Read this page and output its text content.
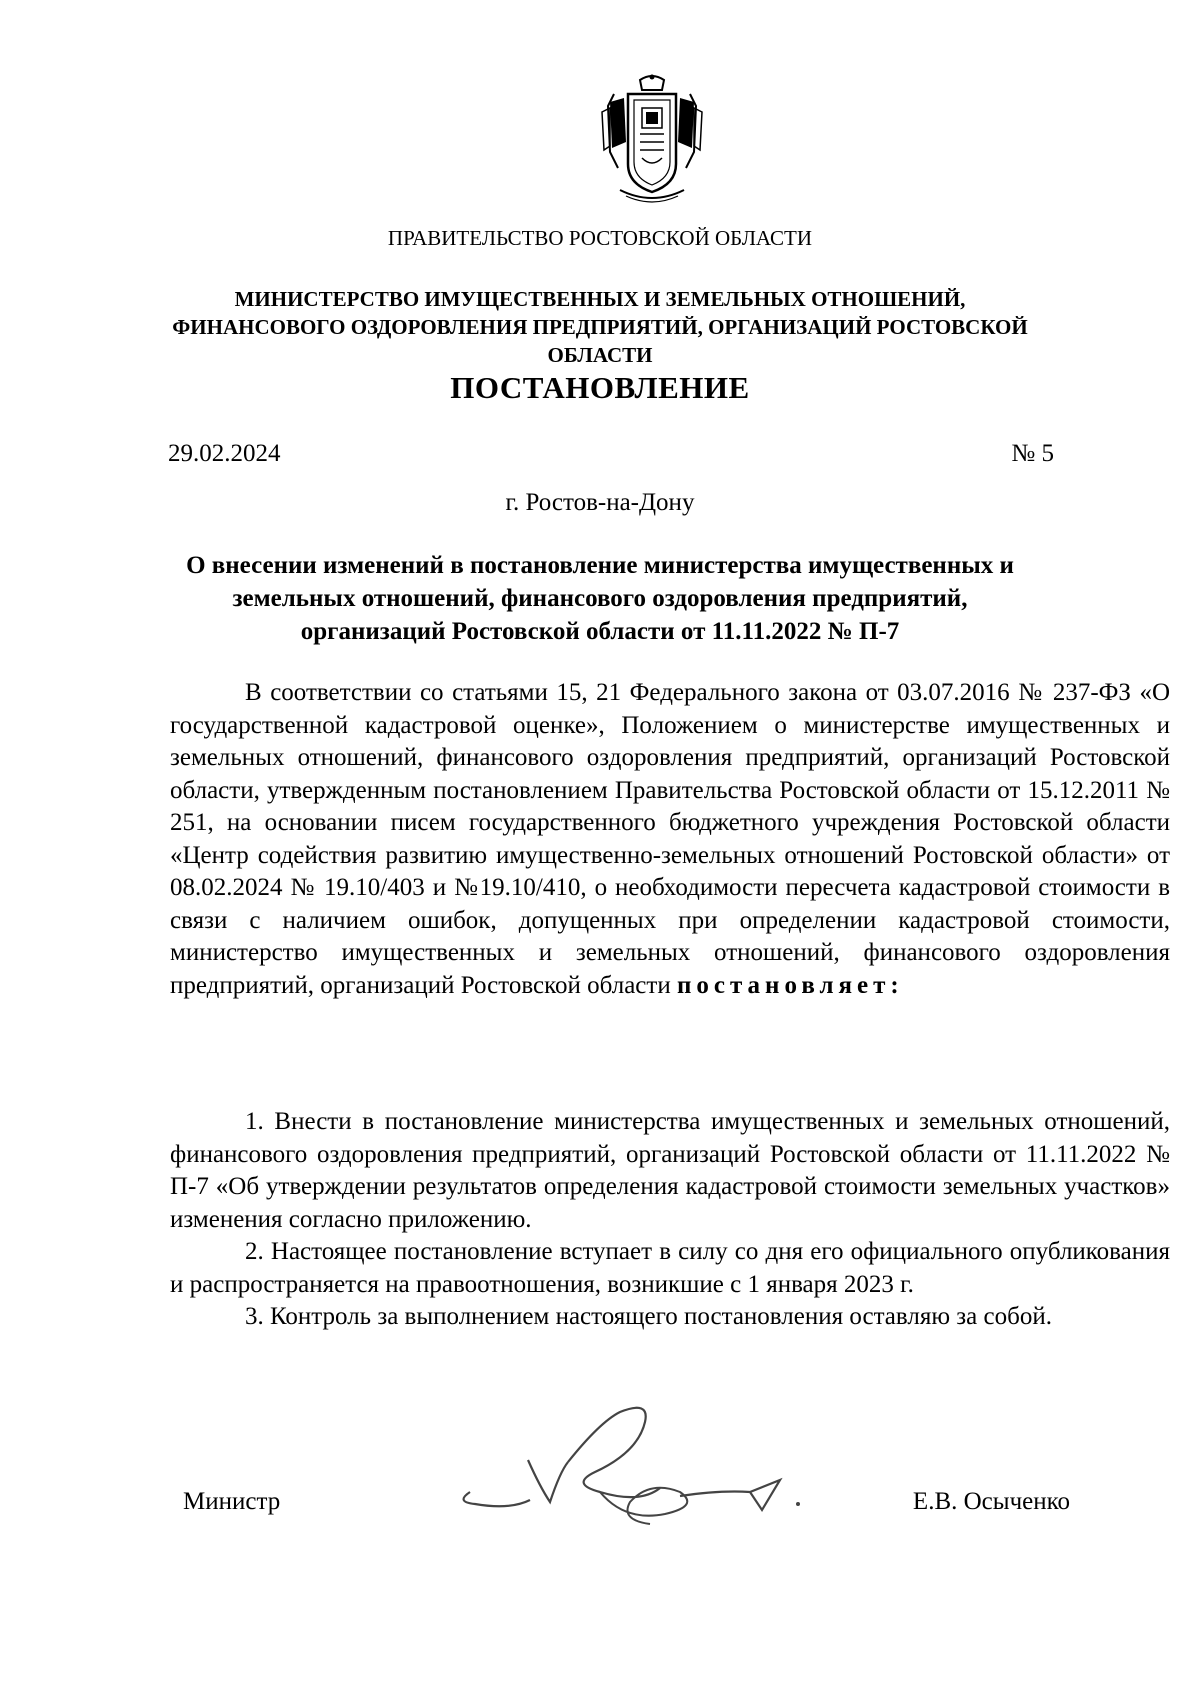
ПРАВИТЕЛЬСТВО РОСТОВСКОЙ ОБЛАСТИ
МИНИСТЕРСТВО ИМУЩЕСТВЕННЫХ И ЗЕМЕЛЬНЫХ ОТНОШЕНИЙ, ФИНАНСОВОГО ОЗДОРОВЛЕНИЯ ПРЕДПРИЯТИЙ, ОРГАНИЗАЦИЙ РОСТОВСКОЙ ОБЛАСТИ
ПОСТАНОВЛЕНИЕ
29.02.2024	№ 5
г. Ростов-на-Дону
О внесении изменений в постановление министерства имущественных и земельных отношений, финансового оздоровления предприятий, организаций Ростовской области от 11.11.2022 № П-7
В соответствии со статьями 15, 21 Федерального закона от 03.07.2016 № 237-ФЗ «О государственной кадастровой оценке», Положением о министерстве имущественных и земельных отношений, финансового оздоровления предприятий, организаций Ростовской области, утвержденным постановлением Правительства Ростовской области от 15.12.2011 № 251, на основании писем государственного бюджетного учреждения Ростовской области «Центр содействия развитию имущественно-земельных отношений Ростовской области» от 08.02.2024 № 19.10/403 и №19.10/410, о необходимости пересчета кадастровой стоимости в связи с наличием ошибок, допущенных при определении кадастровой стоимости, министерство имущественных и земельных отношений, финансового оздоровления предприятий, организаций Ростовской области постановляет:

1. Внести в постановление министерства имущественных и земельных отношений, финансового оздоровления предприятий, организаций Ростовской области от 11.11.2022 № П-7 «Об утверждении результатов определения кадастровой стоимости земельных участков» изменения согласно приложению.

2. Настоящее постановление вступает в силу со дня его официального опубликования и распространяется на правоотношения, возникшие с 1 января 2023 г.

3. Контроль за выполнением настоящего постановления оставляю за собой.

Министр	Е.В. Осыченко
